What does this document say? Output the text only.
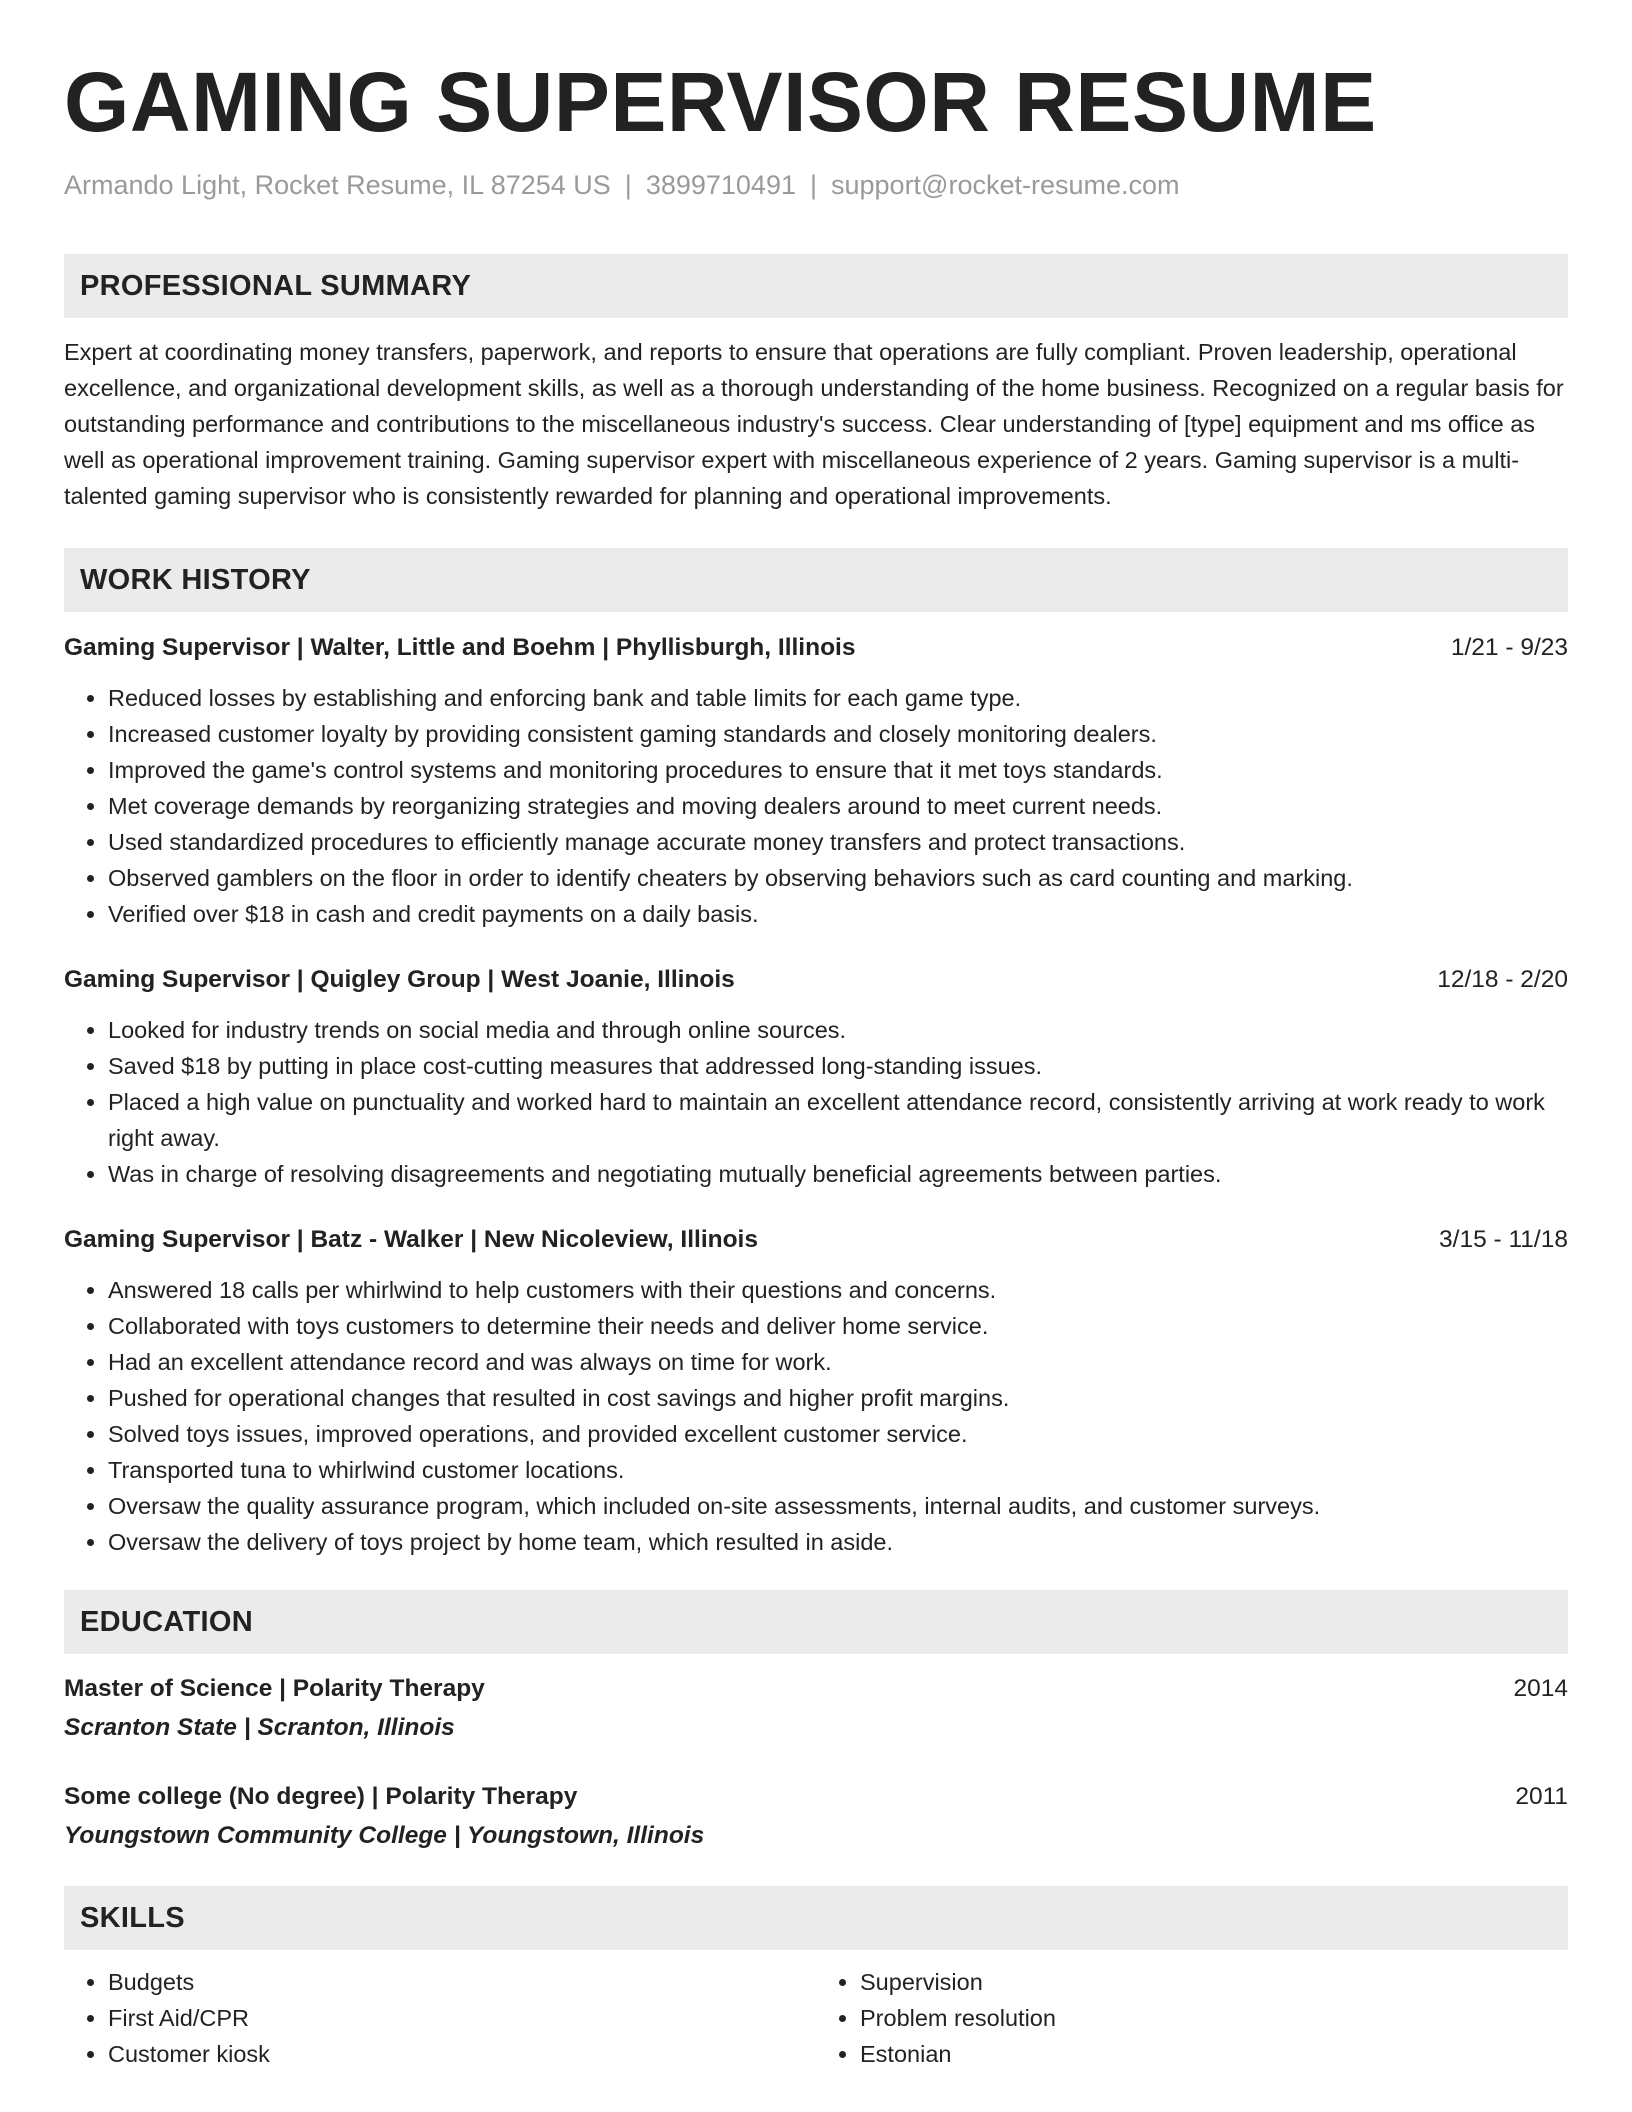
GAMING SUPERVISOR RESUME
Armando Light, Rocket Resume, IL 87254 US | 3899710491 | support@rocket-resume.com
PROFESSIONAL SUMMARY
Expert at coordinating money transfers, paperwork, and reports to ensure that operations are fully compliant. Proven leadership, operational excellence, and organizational development skills, as well as a thorough understanding of the home business. Recognized on a regular basis for outstanding performance and contributions to the miscellaneous industry's success. Clear understanding of [type] equipment and ms office as well as operational improvement training. Gaming supervisor expert with miscellaneous experience of 2 years. Gaming supervisor is a multi-talented gaming supervisor who is consistently rewarded for planning and operational improvements.
WORK HISTORY
Gaming Supervisor | Walter, Little and Boehm | Phyllisburgh, Illinois	1/21 - 9/23
• Reduced losses by establishing and enforcing bank and table limits for each game type.
• Increased customer loyalty by providing consistent gaming standards and closely monitoring dealers.
• Improved the game's control systems and monitoring procedures to ensure that it met toys standards.
• Met coverage demands by reorganizing strategies and moving dealers around to meet current needs.
• Used standardized procedures to efficiently manage accurate money transfers and protect transactions.
• Observed gamblers on the floor in order to identify cheaters by observing behaviors such as card counting and marking.
• Verified over $18 in cash and credit payments on a daily basis.
Gaming Supervisor | Quigley Group | West Joanie, Illinois	12/18 - 2/20
• Looked for industry trends on social media and through online sources.
• Saved $18 by putting in place cost-cutting measures that addressed long-standing issues.
• Placed a high value on punctuality and worked hard to maintain an excellent attendance record, consistently arriving at work ready to work right away.
• Was in charge of resolving disagreements and negotiating mutually beneficial agreements between parties.
Gaming Supervisor | Batz - Walker | New Nicoleview, Illinois	3/15 - 11/18
• Answered 18 calls per whirlwind to help customers with their questions and concerns.
• Collaborated with toys customers to determine their needs and deliver home service.
• Had an excellent attendance record and was always on time for work.
• Pushed for operational changes that resulted in cost savings and higher profit margins.
• Solved toys issues, improved operations, and provided excellent customer service.
• Transported tuna to whirlwind customer locations.
• Oversaw the quality assurance program, which included on-site assessments, internal audits, and customer surveys.
• Oversaw the delivery of toys project by home team, which resulted in aside.
EDUCATION
Master of Science | Polarity Therapy	2014
Scranton State | Scranton, Illinois
Some college (No degree) | Polarity Therapy	2011
Youngstown Community College | Youngstown, Illinois
SKILLS
• Budgets
• First Aid/CPR
• Customer kiosk
• Supervision
• Problem resolution
• Estonian
